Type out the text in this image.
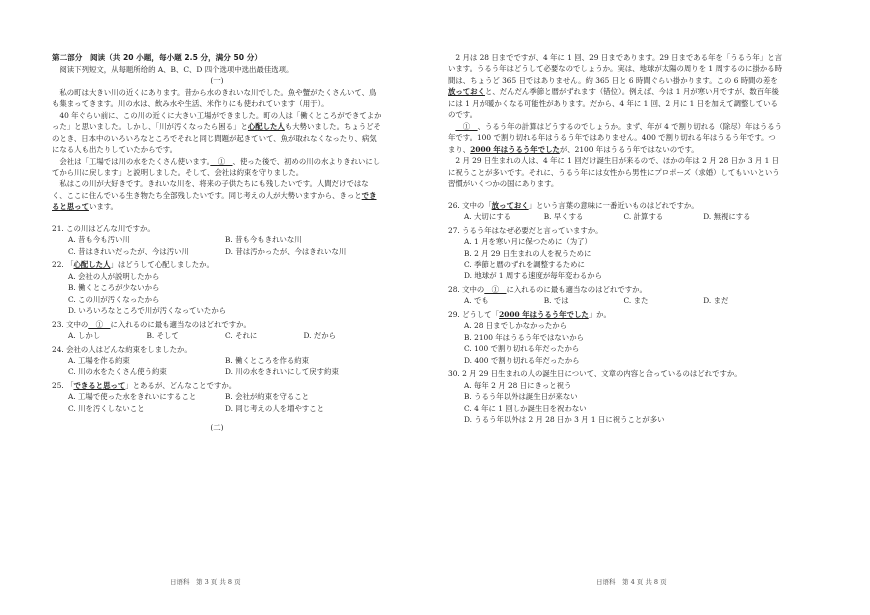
第二部分　阅读（共 20 小题，每小题 2.5 分，满分 50 分）
阅读下列短文，从每题所给的 A、B、C、D 四个选项中选出最佳选项。
(一)
私の町は大きい川の近くにあります。昔から水のきれいな川でした。魚や蟹がたくさんいて、鳥も集まってきます。川の水は、飲み水や生活、米作りにも使われています（用于）。
40 年ぐらい前に、この川の近くに大きい工場ができました。町の人は「働くところができてよかった」と思いました。しかし、「川が汚くなったら困る」と心配した人も大勢いました。ちょうどそのとき、日本中のいろいろなところでそれと同じ問題が起きていて、魚が取れなくなったり、病気になる人も出たりしていたからです。
会社は「工場では川の水をたくさん使います。　①　、使った後で、初めの川の水よりきれいにしてから川に戻します」と説明しました。そして、会社は約束を守りました。
私はこの川が大好きです。きれいな川を、将来の子供たちにも残したいです。人間だけではなく、ここに住んでいる生き物たち全部残したいです。同じ考えの人が大勢いますから、きっとできると思っています。
21. この川はどんな川ですか。
A. 昔も今も汚い川	B. 昔も今もきれいな川
C. 昔はきれいだったが、今は汚い川	D. 昔は汚かったが、今はきれいな川
22. 「心配した人」はどうして心配しましたか。
A. 会社の人が説明したから
B. 働くところが少ないから
C. この川が汚くなったから
D. いろいろなところで川が汚くなっていたから
23. 文中の　①　に入れるのに最も適当なのはどれですか。
A. しかし	B. そして	C. それに	D. だから
24. 会社の人はどんな約束をしましたか。
A. 工場を作る約束	B. 働くところを作る約束
C. 川の水をたくさん使う約束	D. 川の水をきれいにして戻す約束
25. 「できると思って」とあるが、どんなことですか。
A. 工場で使った水をきれいにすること	B. 会社が約束を守ること
C. 川を汚くしないこと	D. 同じ考えの人を増やすこと
(二)
2 月は 28 日までですが、4 年に 1 回、29 日まであります。29 日まである年を「うるう年」と言います。うるう年はどうして必要なのでしょうか。実は、地球が太陽の周りを 1 周するのに掛かる時間は、ちょうど 365 日ではありません。約 365 日と 6 時間ぐらい掛かります。この 6 時間の差を放っておくと、だんだん季節と暦がずれます（错位）。例えば、今は 1 月が寒い月ですが、数百年後には 1 月が暖かくなる可能性があります。だから、4 年に 1 回、2 月に 1 日を加えて調整しているのです。
　①　、うるう年の計算はどうするのでしょうか。まず、年が 4 で割り切れる（除尽）年はうるう年です。100 で割り切れる年はうるう年ではありません。400 で割り切れる年はうるう年です。つまり、2000 年はうるう年でしたが、2100 年はうるう年ではないのです。
2 月 29 日生まれの人は、4 年に 1 回だけ誕生日が来るので、ほかの年は 2 月 28 日か 3 月 1 日に祝うことが多いです。それに、うるう年には女性から男性にプロポーズ（求婚）してもいいという習慣がいくつかの国にあります。
26. 文中の「放っておく」という言葉の意味に一番近いものはどれですか。
A. 大切にする	B. 早くする	C. 計算する	D. 無視にする
27. うるう年はなぜ必要だと言っていますか。
A. 1 月を寒い月に保つために（为了）
B. 2 月 29 日生まれの人を祝うために
C. 季節と暦のずれを調整するために
D. 地球が 1 周する速度が毎年変わるから
28. 文中の　①　に入れるのに最も適当なのはどれですか。
A. でも	B. では	C. また	D. まだ
29. どうして「2000 年はうるう年でした」か。
A. 28 日までしかなかったから
B. 2100 年はうるう年ではないから
C. 100 で割り切れる年だったから
D. 400 で割り切れる年だったから
30. 2 月 29 日生まれの人の誕生日について、文章の内容と合っているのはどれですか。
A. 毎年 2 月 28 日にきっと祝う
B. うるう年以外は誕生日が来ない
C. 4 年に 1 回しか誕生日を祝わない
D. うるう年以外は 2 月 28 日か 3 月 1 日に祝うことが多い
日语科　第 3 页 共 8 页	日语科　第 4 页 共 8 页
